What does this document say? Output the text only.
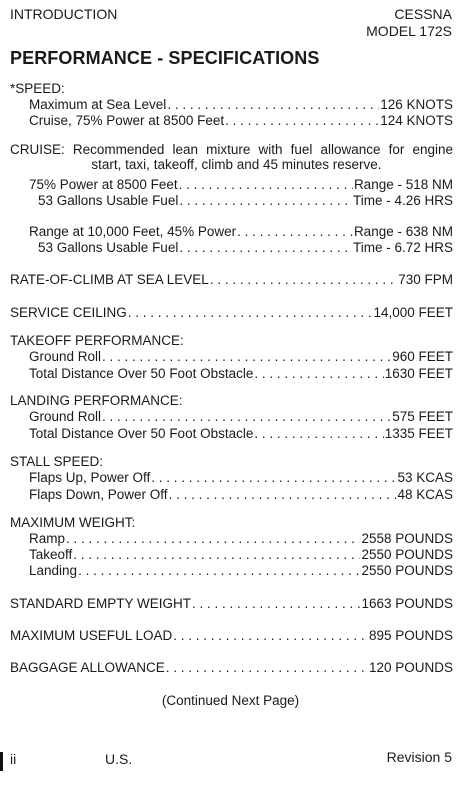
INTRODUCTION	CESSNA
MODEL 172S
PERFORMANCE - SPECIFICATIONS
*SPEED:
Maximum at Sea Level . . .	126 KNOTS
Cruise, 75% Power at 8500 Feet . . .	124 KNOTS
CRUISE: Recommended lean mixture with fuel allowance for engine
start, taxi, takeoff, climb and 45 minutes reserve.
75% Power at 8500 Feet . . .	Range - 518 NM
53 Gallons Usable Fuel . . .	Time - 4.26 HRS
Range at 10,000 Feet, 45% Power . . .	Range - 638 NM
53 Gallons Usable Fuel . . .	Time - 6.72 HRS
RATE-OF-CLIMB AT SEA LEVEL . . .	730 FPM
SERVICE CEILING . . .	14,000 FEET
TAKEOFF PERFORMANCE:
Ground Roll . . .	960 FEET
Total Distance Over 50 Foot Obstacle . . .	1630 FEET
LANDING PERFORMANCE:
Ground Roll . . .	575 FEET
Total Distance Over 50 Foot Obstacle . . .	1335 FEET
STALL SPEED:
Flaps Up, Power Off . . .	53 KCAS
Flaps Down, Power Off . . .	48 KCAS
MAXIMUM WEIGHT:
Ramp . . .	2558 POUNDS
Takeoff . . .	2550 POUNDS
Landing . . .	2550 POUNDS
STANDARD EMPTY WEIGHT . . .	1663 POUNDS
MAXIMUM USEFUL LOAD . . .	895 POUNDS
BAGGAGE ALLOWANCE . . .	120 POUNDS
(Continued Next Page)
ii	U.S.	Revision 5
